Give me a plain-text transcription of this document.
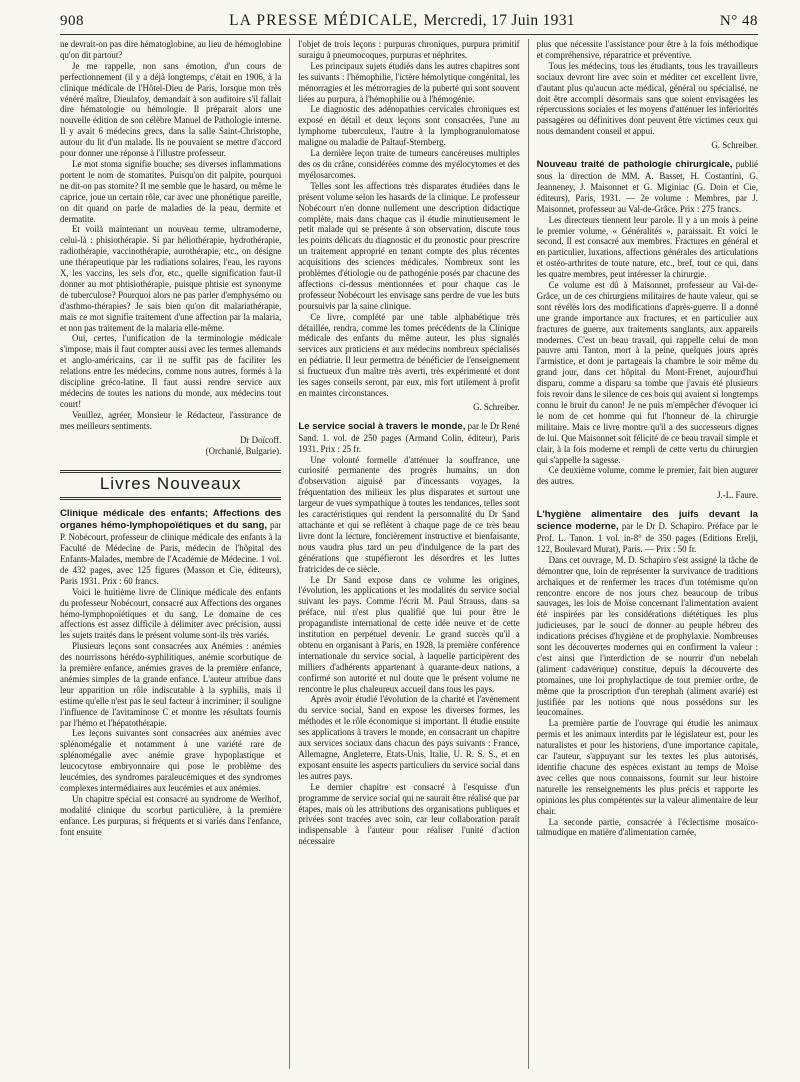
908	LA PRESSE MÉDICALE, Mercredi, 17 Juin 1931	N° 48

ne devrait-on pas dire hématoglobine, au lieu de hémoglobine qu'on dit partout?

Je me rappelle, non sans émotion, d'un cours de perfectionnement (il y a déjà longtemps, c'était en 1906, à la clinique médicale de l'Hôtel-Dieu de Paris, lorsque mon très vénéré maître, Dieulafoy, demandait à son auditoire s'il fallait dire hématologie ou hémologie. Il préparait alors une nouvelle édition de son célèbre Manuel de Pathologie interne. Il y avait 6 médecins grecs, dans la salle Saint-Christophe, autour du lit d'un malade. Ils ne pouvaient se mettre d'accord pour donner une réponse à l'illustre professeur.

Le mot stoma signifie bouche; ses diverses inflammations portent le nom de stomatites. Puisqu'on dit palpite, pourquoi ne dit-on pas stomite? Il me semble que le hasard, ou même le caprice, joue un certain rôle, car avec une phonétique pareille, on dit quand on parle de maladies de la peau, dermite et dermatite.

Et voilà maintenant un nouveau terme, ultramoderne, celui-là : phisiothérapie. Si par héliothérapie, hydrothérapie, radiothérapie, vaccinothérapie, aurothérapie, etc., on désigne une thérapeutique par les radiations solaires, l'eau, les rayons X, les vaccins, les sels d'or, etc., quelle signification faut-il donner au mot phtisiothérapie, puisque phtisie est synonyme de tuberculose? Pourquoi alors ne pas parler d'emphysémo ou d'asthmo-thérapies? Je sais bien qu'on dit malariathérapie, mais ce mot signifie traitement d'une affection par la malaria, et non pas traitement de la malaria elle-même.

Oui, certes, l'unification de la terminologie médicale s'impose, mais il faut compter aussi avec les termes allemands et anglo-américains, car il ne suffit pas de faciliter les relations entre les médecins, comme nous autres, formés à la discipline gréco-latine. Il faut aussi rendre service aux médecins de toutes les nations du monde, aux médecins tout court!

Veuillez, agréer, Monsieur le Rédacteur, l'assurance de mes meilleurs sentiments.

Dr Doïcoff.

(Orchanié, Bulgarie).

Livres Nouveaux

Clinique médicale des enfants; Affections des organes hémo-lymphopoïétiques et du sang, par P. Nobécourt, professeur de clinique médicale des enfants à la Faculté de Médecine de Paris, médecin de l'hôpital des Enfants-Malades, membre de l'Académie de Médecine. 1 vol. de 432 pages, avec 125 figures (Masson et Cie, éditeurs), Paris 1931. Prix : 60 francs.

Voici le huitième livre de Clinique médicale des enfants du professeur Nobécourt, consacré aux Affections des organes hémo-lymphopoïétiques et du sang. Le domaine de ces affections est assez difficile à délimiter avec précision, aussi les sujets traités dans le présent volume sont-ils très variés.

Plusieurs leçons sont consacrées aux Anémies : anémies des nourrissons hérédo-syphilitiques, anémie scorbutique de la première enfance, anémies graves de la première enfance, anémies simples de la grande enfance. L'auteur attribue dans leur apparition un rôle indiscutable à la syphilis, mais il estime qu'elle n'est pas le seul facteur à incriminer; il souligne l'influence de l'avitaminose C et montre les résultats fournis par l'hémo et l'hépatothérapie.

Les leçons suivantes sont consacrées aux anémies avec splénomégalie et notamment à une variété rare de splénomégalie avec anémie grave hypoplastique et leucocytose embryonnaire qui pose le problème des leucémies, des syndromes paraleucémiques et des syndromes complexes intermédiaires aux leucémies et aux anémies.

Un chapitre spécial est consacré au syndrome de Werlhof, modalité clinique du scorbut particulière, à la première enfance. Les purpuras, si fréquents et si variés dans l'enfance, font ensuite

l'objet de trois leçons : purpuras chroniques, purpura primitif suraigu à pneumocoques, purpuras et néphrites.

Les principaux sujets étudiés dans les autres chapitres sont les suivants : l'hémophilie, l'ictère hémolytique congénital, les ménorragies et les métrorragies de la puberté qui sont souvent liées au purpura, à l'hémophilie ou à l'hémogénie.

Le diagnostic des adénopathies cervicales chroniques est exposé en détail et deux leçons sont consacrées, l'une au lymphome tuberculeux, l'autre à la lymphogranulomatose maligne ou maladie de Paltauf-Sternberg.

La dernière leçon traite de tumeurs cancéreuses multiples des os du crâne, considérées comme des myélocytomes et des myélosarcomes.

Telles sont les affections très disparates étudiées dans le présent volume selon les hasards de la clinique. Le professeur Nobécourt n'en donne nullement une description didactique complète, mais dans chaque cas il étudie minutieusement le petit malade qui se présente à son observation, discute tous les points délicats du diagnostic et du pronostic pour prescrire un traitement approprié en tenant compte des plus récentes acquisitions des sciences médicales. Nombreux sont les problèmes d'étiologie ou de pathogénie posés par chacune des affections ci-dessus mentionnées et pour chaque cas le professeur Nobécourt les envisage sans perdre de vue les buts poursuivis par la saine clinique.

Ce livre, complété par une table alphabétique très détaillée, rendra, comme les tomes précédents de la Clinique médicale des enfants du même auteur, les plus signalés services aux praticiens et aux médecins nombreux spécialisés en pédiatrie. Il leur permettra de bénéficier de l'enseignement si fructueux d'un maître très averti, très expérimenté et dont les sages conseils seront, par eux, mis fort utilement à profit en maintes circonstances.

G. Schreiber.

Le service social à travers le monde, par le Dr René Sand. 1. vol. de 250 pages (Armand Colin, éditeur), Paris 1931. Prix : 25 fr.

Une volonté formelle d'atténuer la souffrance, une curiosité permanente des progrès humains, un don d'observation aiguisé par d'incessants voyages, la fréquentation des milieux les plus disparates et surtout une largeur de vues sympathique à toutes les tendances, telles sont les caractéristiques qui rendent la personnalité du Dr Sand attachante et qui se reflètent à chaque page de ce très beau livre dont la lecture, foncièrement instructive et bienfaisante, nous vaudra plus tard un peu d'indulgence de la part des générations que stupéfieront les désordres et les luttes fratricides de ce siècle.

Le Dr Sand expose dans ce volume les origines, l'évolution, les applications et les modalités du service social suivant les pays. Comme l'écrit M. Paul Strauss, dans sa préface, nul n'est plus qualifié que lui pour être le propagandiste international de cette idée neuve et de cette institution en perpétuel devenir. Le grand succès qu'il a obtenu en organisant à Paris, en 1928, la première conférence internationale du service social, à laquelle participèrent des milliers d'adhérents appartenant à quarante-deux nations, a confirmé son autorité et nul doute que le présent volume ne rencontre le plus chaleureux accueil dans tous les pays.

Après avoir étudié l'évolution de la charité et l'avènement du service social, Sand en expose les diverses formes, les méthodes et le rôle économique si important. Il étudie ensuite ses applications à travers le monde, en consacrant un chapitre aux services sociaux dans chacun des pays suivants : France, Allemagne, Angleterre, Etats-Unis, Italie, U. R. S. S., et en exposant ensuite les aspects particuliers du service social dans les autres pays.

Le dernier chapitre est consacré à l'esquisse d'un programme de service social qui ne saurait être réalisé que par étapes, mais où les attributions des organisations publiques et privées sont tracées avec soin, car leur collaboration paraît indispensable à l'auteur pour réaliser l'unité d'action nécessaire

plus que nécessite l'assistance pour être à la fois méthodique et compréhensive, réparatrice et préventive.

Tous les médecins, tous les étudiants, tous les travailleurs sociaux devront lire avec soin et méditer cet excellent livre, d'autant plus qu'aucun acte médical, général ou spécialisé, ne doit être accompli désormais sans que soient envisagées les répercussions sociales et les moyens d'atténuer les infériorités passagères ou définitives dont peuvent être victimes ceux qui nous demandent conseil et appui.

G. Schreiber.

Nouveau traité de pathologie chirurgicale, publié sous la direction de MM. A. Basset, H. Costantini, G. Jeanneney, J. Maisonnet et G. Miginiac (G. Doin et Cie, éditeurs), Paris, 1931. — 2e volume : Membres, par J. Maisonnet, professeur au Val-de-Grâce. Prix : 275 francs.

Les directeurs tiennent leur parole. Il y a un mois à peine le premier volume, « Généralités », paraissait. Et voici le second. Il est consacré aux membres. Fractures en général et en particulier, luxations, affections générales des articulations et ostéo-arthrites de toute nature, etc., bref, tout ce qui, dans les quatre membres, peut intéresser la chirurgie.

Ce volume est dû à Maisonnet, professeur au Val-de-Grâce, un de ces chirurgiens militaires de haute valeur, qui se sont révélés lors des modifications d'après-guerre. Il a donné une grande importance aux fractures, et en particulier aux fractures de guerre, aux traitements sanglants, aux appareils modernes. C'est un beau travail, qui rappelle celui de mon pauvre ami Tanton, mort à la peine, quelques jours après l'armistice, et dont je partageais la chambre le soir même du grand jour, dans cet hôpital du Mont-Frenet, aujourd'hui disparu, comme a disparu sa tombe que j'avais été plusieurs fois revoir dans le silence de ces bois qui avaient si longtemps connu le bruit du canon! Je ne puis m'empêcher d'évoquer ici le nom de cet homme qui fut l'honneur de la chirurgie militaire. Mais ce livre montre qu'il a des successeurs dignes de lui. Que Maisonnet soit félicité de ce beau travail simple et clair, à la fois moderne et rempli de cette vertu du chirurgien qui s'appelle la sagesse.

Ce deuxième volume, comme le premier, fait bien augurer des autres.

J.-L. Faure.

L'hygiène alimentaire des juifs devant la science moderne, par le Dr D. Schapiro. Préface par le Prof. L. Tanon. 1 vol. in-8° de 350 pages (Editions Erelji, 122, Boulevard Murat), Paris. — Prix : 50 fr.

Dans cet ouvrage, M. D. Schapiro s'est assigné la tâche de démontrer que, loin de représenter la survivance de traditions archaïques et de renfermer les traces d'un totémisme qu'on rencontre encore de nos jours chez beaucoup de tribus sauvages, les lois de Moïse concernant l'alimentation avaient été inspirées par les considérations diététiques les plus judicieuses, par le souci de donner au peuple hébreu des indications précises d'hygiène et de prophylaxie. Nombreuses sont les découvertes modernes qui en confirment la valeur : c'est ainsi que l'interdiction de se nourrir d'un nebelah (aliment cadavérique) constitue, depuis la découverte des ptomaïnes, une loi prophylactique de tout premier ordre, de même que la proscription d'un terephah (aliment avarié) est justifiée par les notions que nous possédons sur les leucomaïnes.

La première partie de l'ouvrage qui étudie les animaux permis et les animaux interdits par le législateur est, pour les naturalistes et pour les historiens, d'une importance capitale, car l'auteur, s'appuyant sur les textes les plus autorisés, identifie chacune des espèces existant au temps de Moïse avec celles que nous connaissons, fournit sur leur histoire naturelle les renseignements les plus précis et rapporte les opinions les plus compétentes sur la valeur alimentaire de leur chair.

La seconde partie, consacrée à l'éclectisme mosaïco-talmudique en matière d'alimentation carnée,
